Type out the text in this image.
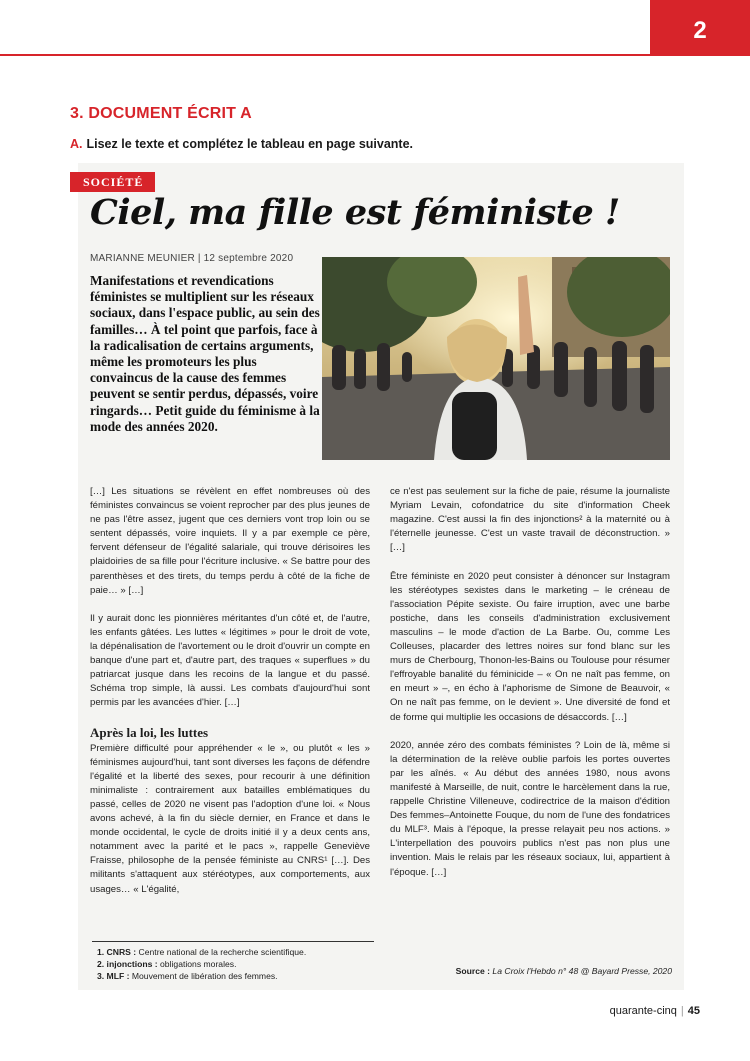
2
3. DOCUMENT ÉCRIT A
A. Lisez le texte et complétez le tableau en page suivante.
SOCIÉTÉ
Ciel, ma fille est féministe !
MARIANNE MEUNIER | 12 septembre 2020
Manifestations et revendications féministes se multiplient sur les réseaux sociaux, dans l'espace public, au sein des familles… À tel point que parfois, face à la radicalisation de certains arguments, même les promoteurs les plus convaincus de la cause des femmes peuvent se sentir perdus, dépassés, voire ringards… Petit guide du féminisme à la mode des années 2020.

[…] Les situations se révèlent en effet nombreuses où des féministes convaincus se voient reprocher par des plus jeunes de ne pas l'être assez, jugent que ces derniers vont trop loin ou se sentent dépassés, voire inquiets. Il y a par exemple ce père, fervent défenseur de l'égalité salariale, qui trouve dérisoires les plaidoiries de sa fille pour l'écriture inclusive. « Se battre pour des parenthèses et des tirets, du temps perdu à côté de la fiche de paie… » […]

Il y aurait donc les pionnières méritantes d'un côté et, de l'autre, les enfants gâtées. Les luttes « légitimes » pour le droit de vote, la dépénalisation de l'avortement ou le droit d'ouvrir un compte en banque d'une part et, d'autre part, des traques « superflues » du patriarcat jusque dans les recoins de la langue et du passé. Schéma trop simple, là aussi. Les combats d'aujourd'hui sont permis par les avancées d'hier. […]

Après la loi, les luttes

Première difficulté pour appréhender « le », ou plutôt « les » féminismes aujourd'hui, tant sont diverses les façons de défendre l'égalité et la liberté des sexes, pour recourir à une définition minimaliste : contrairement aux batailles emblématiques du passé, celles de 2020 ne visent pas l'adoption d'une loi. « Nous avons achevé, à la fin du siècle dernier, en France et dans le monde occidental, le cycle de droits initié il y a deux cents ans, notamment avec la parité et le pacs », rappelle Geneviève Fraisse, philosophe de la pensée féministe au CNRS¹ […]. Des militants s'attaquent aux stéréotypes, aux comportements, aux usages… « L'égalité,

ce n'est pas seulement sur la fiche de paie, résume la journaliste Myriam Levain, cofondatrice du site d'information Cheek magazine. C'est aussi la fin des injonctions² à la maternité ou à l'éternelle jeunesse. C'est un vaste travail de déconstruction. » […]

Être féministe en 2020 peut consister à dénoncer sur Instagram les stéréotypes sexistes dans le marketing – le créneau de l'association Pépite sexiste. Ou faire irruption, avec une barbe postiche, dans les conseils d'administration exclusivement masculins – le mode d'action de La Barbe. Ou, comme Les Colleuses, placarder des lettres noires sur fond blanc sur les murs de Cherbourg, Thonon-les-Bains ou Toulouse pour résumer l'effroyable banalité du féminicide – « On ne naît pas femme, on en meurt » –, en écho à l'aphorisme de Simone de Beauvoir, « On ne naît pas femme, on le devient ». Une diversité de fond et de forme qui multiplie les occasions de désaccords. […]

2020, année zéro des combats féministes ? Loin de là, même si la détermination de la relève oublie parfois les portes ouvertes par les aînés. « Au début des années 1980, nous avons manifesté à Marseille, de nuit, contre le harcèlement dans la rue, rappelle Christine Villeneuve, codirectrice de la maison d'édition Des femmes–Antoinette Fouque, du nom de l'une des fondatrices du MLF³. Mais à l'époque, la presse relayait peu nos actions. » L'interpellation des pouvoirs publics n'est pas non plus une invention. Mais le relais par les réseaux sociaux, lui, appartient à l'époque. […]

1. CNRS : Centre national de la recherche scientifique.
2. injonctions : obligations morales.
3. MLF : Mouvement de libération des femmes.	Source : La Croix l'Hebdo n° 48 @ Bayard Presse, 2020
quarante-cinq | 45
